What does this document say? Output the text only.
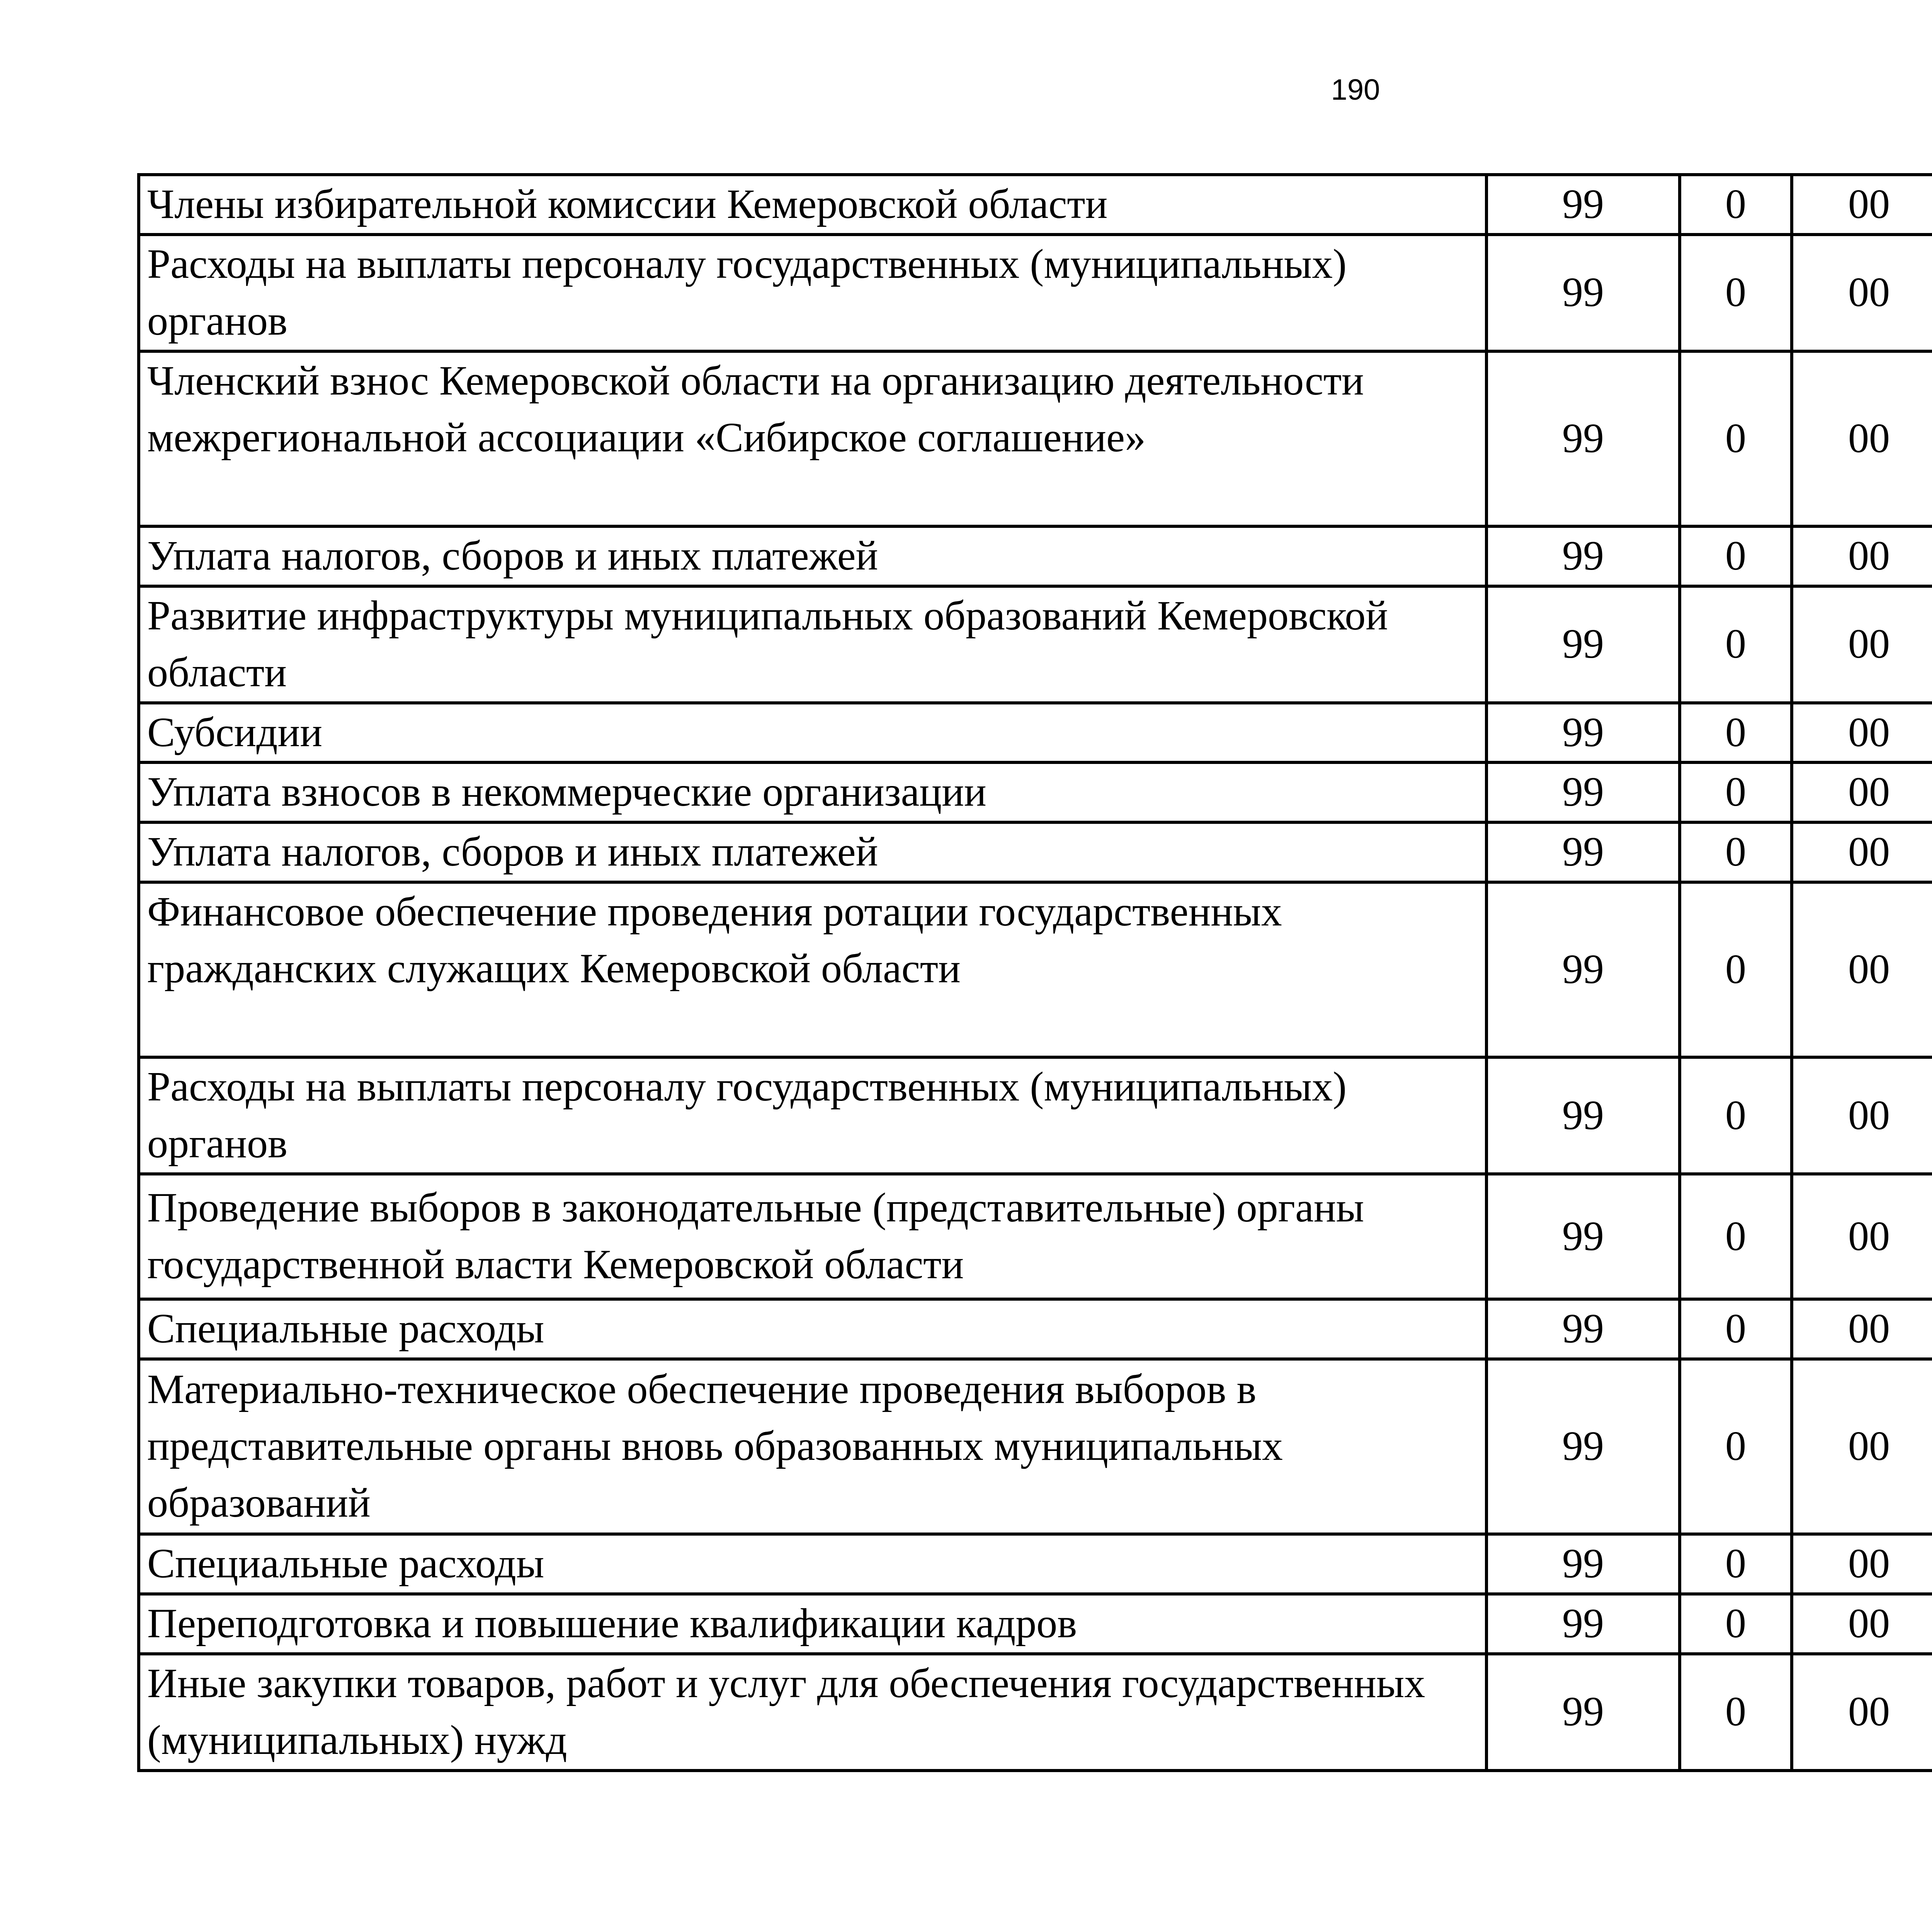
190
Члены избирательной комиссии Кемеровской области	99	0	00			
Расходы на выплаты персоналу государственных (муниципальных) органов	99	0	00			
Членский взнос Кемеровской области на организацию деятельности межрегиональной ассоциации «Сибирское соглашение»	99	0	00			
Уплата налогов, сборов и иных платежей	99	0	00			
Развитие инфраструктуры муниципальных образований Кемеровской области	99	0	00			
Субсидии	99	0	00			
Уплата взносов в некоммерческие организации	99	0	00			
Уплата налогов, сборов и иных платежей	99	0	00			
Финансовое обеспечение проведения ротации государственных гражданских служащих Кемеровской области	99	0	00			
Расходы на выплаты персоналу государственных (муниципальных) органов	99	0	00			
Проведение выборов в законодательные (представительные) органы государственной власти Кемеровской области	99	0	00			
Специальные расходы	99	0	00			
Материально-техническое обеспечение проведения выборов в представительные органы вновь образованных муниципальных образований	99	0	00			
Специальные расходы	99	0	00			
Переподготовка и повышение квалификации кадров	99	0	00			
Иные закупки товаров, работ и услуг для обеспечения государственных (муниципальных) нужд	99	0	00			
